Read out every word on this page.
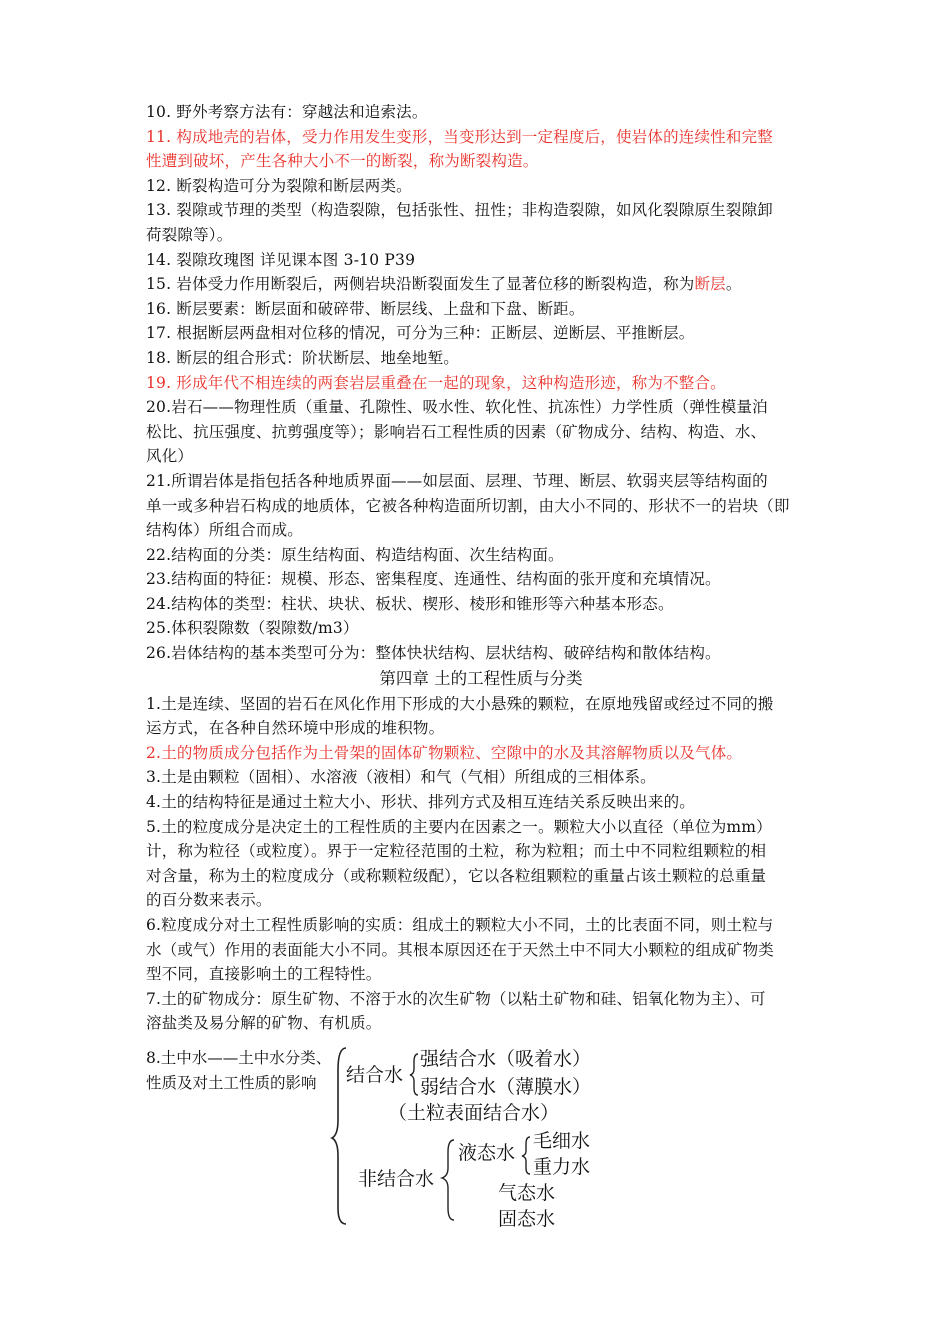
10. 野外考察方法有：穿越法和追索法。
11. 构成地壳的岩体，受力作用发生变形，当变形达到一定程度后，使岩体的连续性和完整
性遭到破坏，产生各种大小不一的断裂，称为断裂构造。
12. 断裂构造可分为裂隙和断层两类。
13. 裂隙或节理的类型（构造裂隙，包括张性、扭性；非构造裂隙，如风化裂隙原生裂隙卸
荷裂隙等）。
14. 裂隙玫瑰图 详见课本图 3-10 P39
15. 岩体受力作用断裂后，两侧岩块沿断裂面发生了显著位移的断裂构造，称为断层。
16. 断层要素：断层面和破碎带、断层线、上盘和下盘、断距。
17. 根据断层两盘相对位移的情况，可分为三种：正断层、逆断层、平推断层。
18. 断层的组合形式：阶状断层、地垒地堑。
19. 形成年代不相连续的两套岩层重叠在一起的现象，这种构造形迹，称为不整合。
20.岩石——物理性质（重量、孔隙性、吸水性、软化性、抗冻性）力学性质（弹性模量泊
松比、抗压强度、抗剪强度等）；影响岩石工程性质的因素（矿物成分、结构、构造、水、
风化）
21.所谓岩体是指包括各种地质界面——如层面、层理、节理、断层、软弱夹层等结构面的
单一或多种岩石构成的地质体，它被各种构造面所切割，由大小不同的、形状不一的岩块（即
结构体）所组合而成。
22.结构面的分类：原生结构面、构造结构面、次生结构面。
23.结构面的特征：规模、形态、密集程度、连通性、结构面的张开度和充填情况。
24.结构体的类型：柱状、块状、板状、楔形、棱形和锥形等六种基本形态。
25.体积裂隙数（裂隙数/m3）
26.岩体结构的基本类型可分为：整体快状结构、层状结构、破碎结构和散体结构。
第四章 土的工程性质与分类
1.土是连续、坚固的岩石在风化作用下形成的大小悬殊的颗粒，在原地残留或经过不同的搬
运方式，在各种自然环境中形成的堆积物。
2.土的物质成分包括作为土骨架的固体矿物颗粒、空隙中的水及其溶解物质以及气体。
3.土是由颗粒（固相）、水溶液（液相）和气（气相）所组成的三相体系。
4.土的结构特征是通过土粒大小、形状、排列方式及相互连结关系反映出来的。
5.土的粒度成分是决定土的工程性质的主要内在因素之一。颗粒大小以直径（单位为mm）
计，称为粒径（或粒度）。界于一定粒径范围的土粒，称为粒粗；而土中不同粒组颗粒的相
对含量，称为土的粒度成分（或称颗粒级配），它以各粒组颗粒的重量占该土颗粒的总重量
的百分数来表示。
6.粒度成分对土工程性质影响的实质：组成土的颗粒大小不同，土的比表面不同，则土粒与
水（或气）作用的表面能大小不同。其根本原因还在于天然土中不同大小颗粒的组成矿物类
型不同，直接影响土的工程特性。
7.土的矿物成分：原生矿物、不溶于水的次生矿物（以粘土矿物和硅、铝氧化物为主）、可
溶盐类及易分解的矿物、有机质。
8.土中水——土中水分类、
性质及对土工性质的影响	结合水
强结合水（吸着水）
弱结合水（薄膜水）
（土粒表面结合水）
非结合水
液态水
毛细水
重力水
气态水
固态水
